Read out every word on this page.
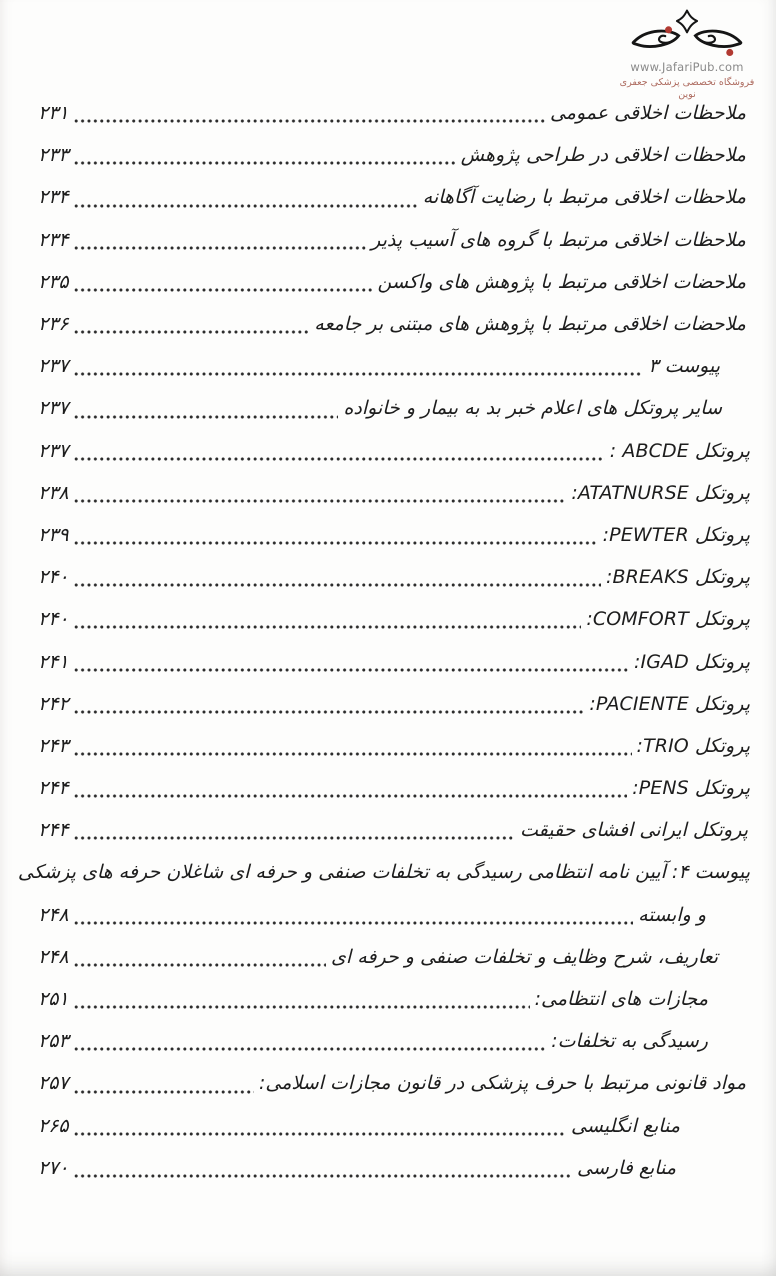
www.JafariPub.com
فروشگاه تخصصی پزشکی جعفری نوین
ملاحظات اخلاقی عمومی
۲۳۱
ملاحظات اخلاقی در طراحی پژوهش
۲۳۳
ملاحظات اخلاقی مرتبط با رضایت آگاهانه
۲۳۴
ملاحظات اخلاقی مرتبط با گروه های آسیب پذیر
۲۳۴
ملاحضات اخلاقی مرتبط با پژوهش های واکسن
۲۳۵
ملاحضات اخلاقی مرتبط با پژوهش های مبتنی بر جامعه
۲۳۶
پیوست ۳
۲۳۷
سایر پروتکل های اعلام خبر بد به بیمار و خانواده
۲۳۷
پروتکل ABCDE :
۲۳۷
پروتکل ATATNURSE:
۲۳۸
پروتکل PEWTER:
۲۳۹
پروتکل BREAKS:
۲۴۰
پروتکل COMFORT:
۲۴۰
پروتکل IGAD:
۲۴۱
پروتکل PACIENTE:
۲۴۲
پروتکل TRIO:
۲۴۳
پروتکل PENS:
۲۴۴
پروتکل ایرانی افشای حقیقت
۲۴۴
پیوست ۴: آیین نامه انتظامی رسیدگی به تخلفات صنفی و حرفه ای شاغلان حرفه های پزشکی
و وابسته
۲۴۸
تعاریف، شرح وظایف و تخلفات صنفی و حرفه ای
۲۴۸
مجازات های انتظامی:
۲۵۱
رسیدگی به تخلفات:
۲۵۳
مواد قانونی مرتبط با حرف پزشکی در قانون مجازات اسلامی:
۲۵۷
منابع انگلیسی
۲۶۵
منابع فارسی
۲۷۰
